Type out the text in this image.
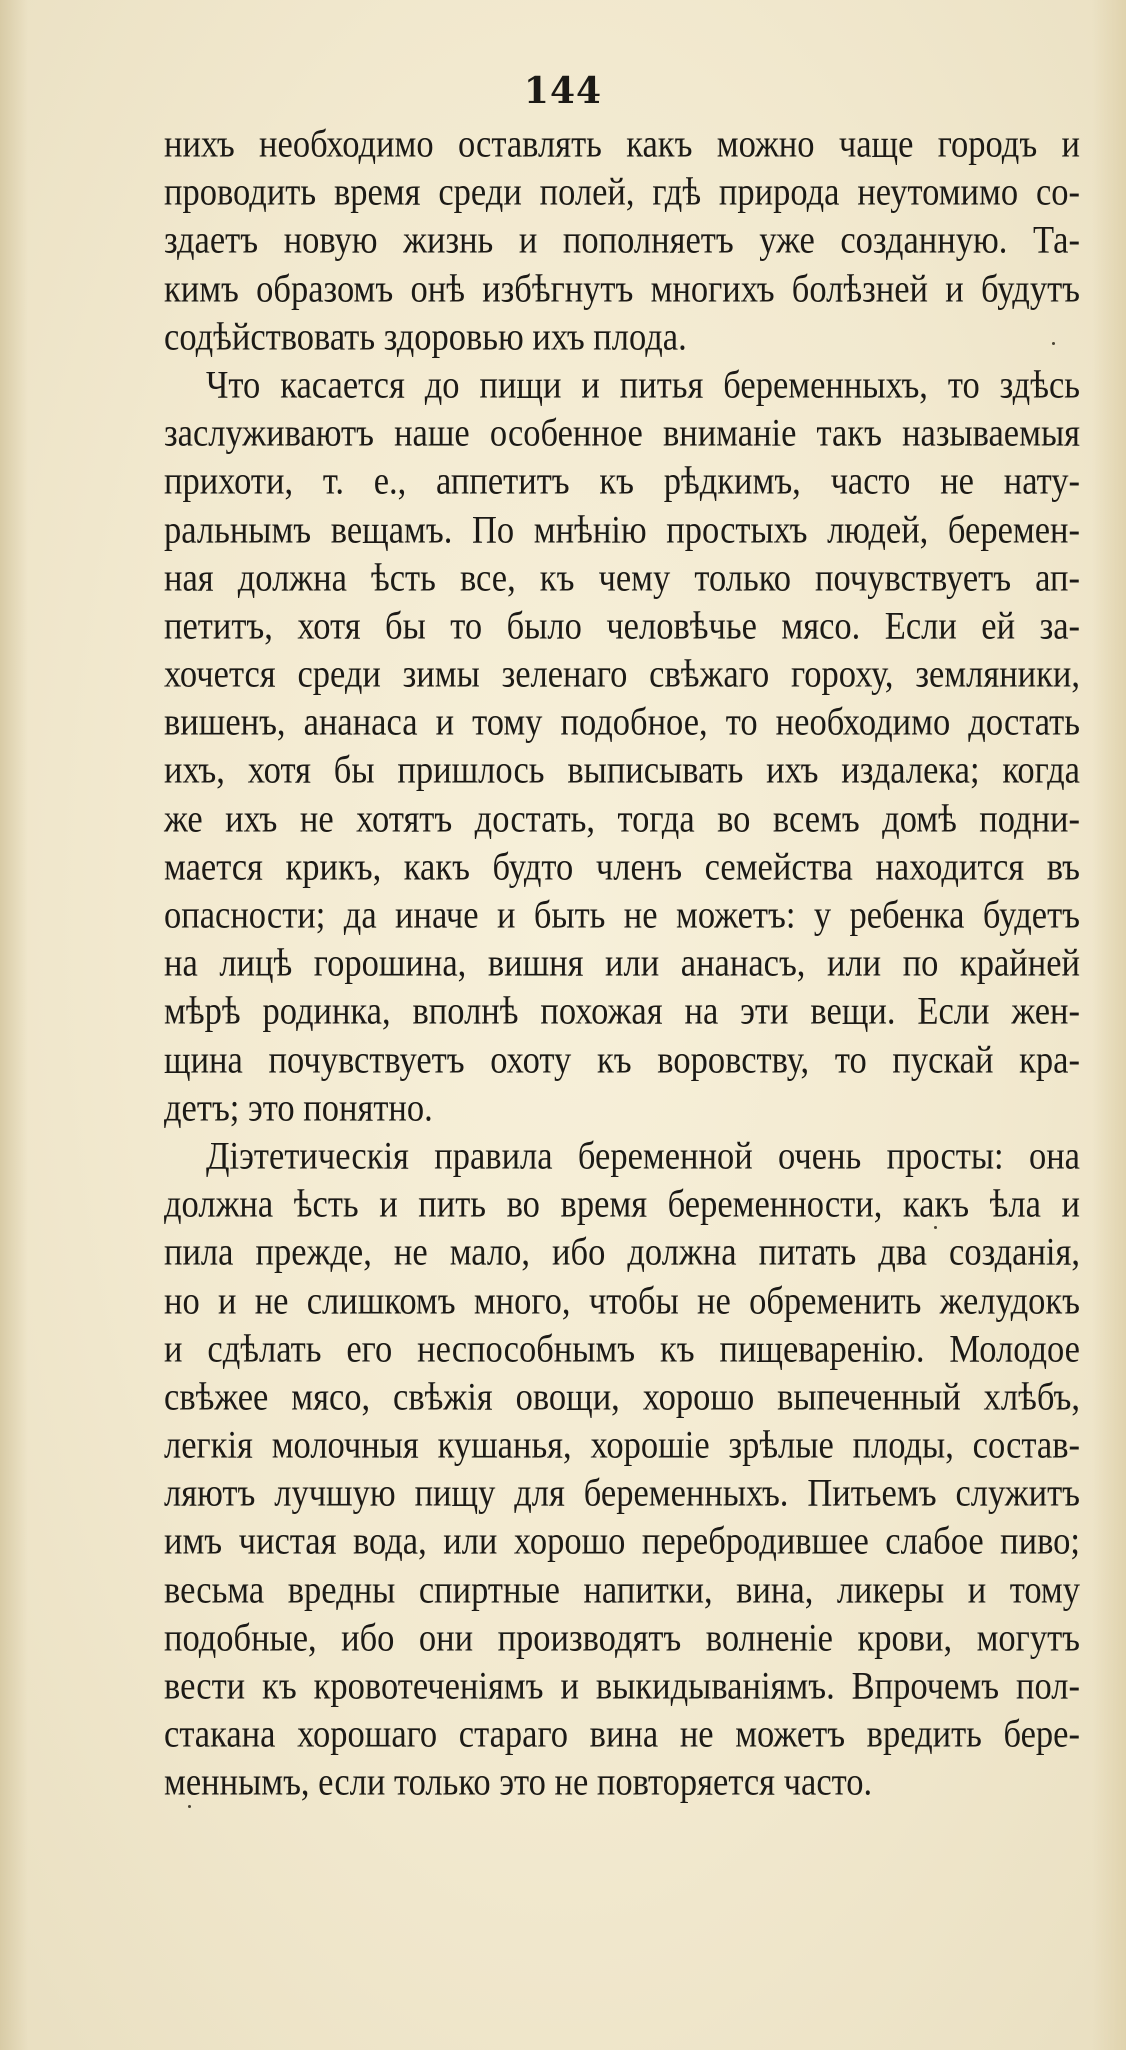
144
нихъ необходимо оставлять какъ можно чаще городъ и
проводить время среди полей, гдѣ природа неутомимо со-
здаетъ новую жизнь и пополняетъ уже созданную. Та-
кимъ образомъ онѣ избѣгнутъ многихъ болѣзней и будутъ
содѣйствовать здоровью ихъ плода.
Что касается до пищи и питья беременныхъ, то здѣсь
заслуживаютъ наше особенное вниманіе такъ называемыя
прихоти, т. е., аппетитъ къ рѣдкимъ, часто не нату-
ральнымъ вещамъ. По мнѣнію простыхъ людей, беремен-
ная должна ѣсть все, къ чему только почувствуетъ ап-
петитъ, хотя бы то было человѣчье мясо. Если ей за-
хочется среди зимы зеленаго свѣжаго гороху, земляники,
вишенъ, ананаса и тому подобное, то необходимо достать
ихъ, хотя бы пришлось выписывать ихъ издалека; когда
же ихъ не хотятъ достать, тогда во всемъ домѣ подни-
мается крикъ, какъ будто членъ семейства находится въ
опасности; да иначе и быть не можетъ: у ребенка будетъ
на лицѣ горошина, вишня или ананасъ, или по крайней
мѣрѣ родинка, вполнѣ похожая на эти вещи. Если жен-
щина почувствуетъ охоту къ воровству, то пускай кра-
детъ; это понятно.
Діэтетическія правила беременной очень просты: она
должна ѣсть и пить во время беременности, какъ ѣла и
пила прежде, не мало, ибо должна питать два созданія,
но и не слишкомъ много, чтобы не обременить желудокъ
и сдѣлать его неспособнымъ къ пищеваренію. Молодое
свѣжее мясо, свѣжія овощи, хорошо выпеченный хлѣбъ,
легкія молочныя кушанья, хорошіе зрѣлые плоды, состав-
ляютъ лучшую пищу для беременныхъ. Питьемъ служитъ
имъ чистая вода, или хорошо перебродившее слабое пиво;
весьма вредны спиртные напитки, вина, ликеры и тому
подобные, ибо они производятъ волненіе крови, могутъ
вести къ кровотеченіямъ и выкидываніямъ. Впрочемъ пол-
стакана хорошаго стараго вина не можетъ вредить бере-
меннымъ, если только это не повторяется часто.
